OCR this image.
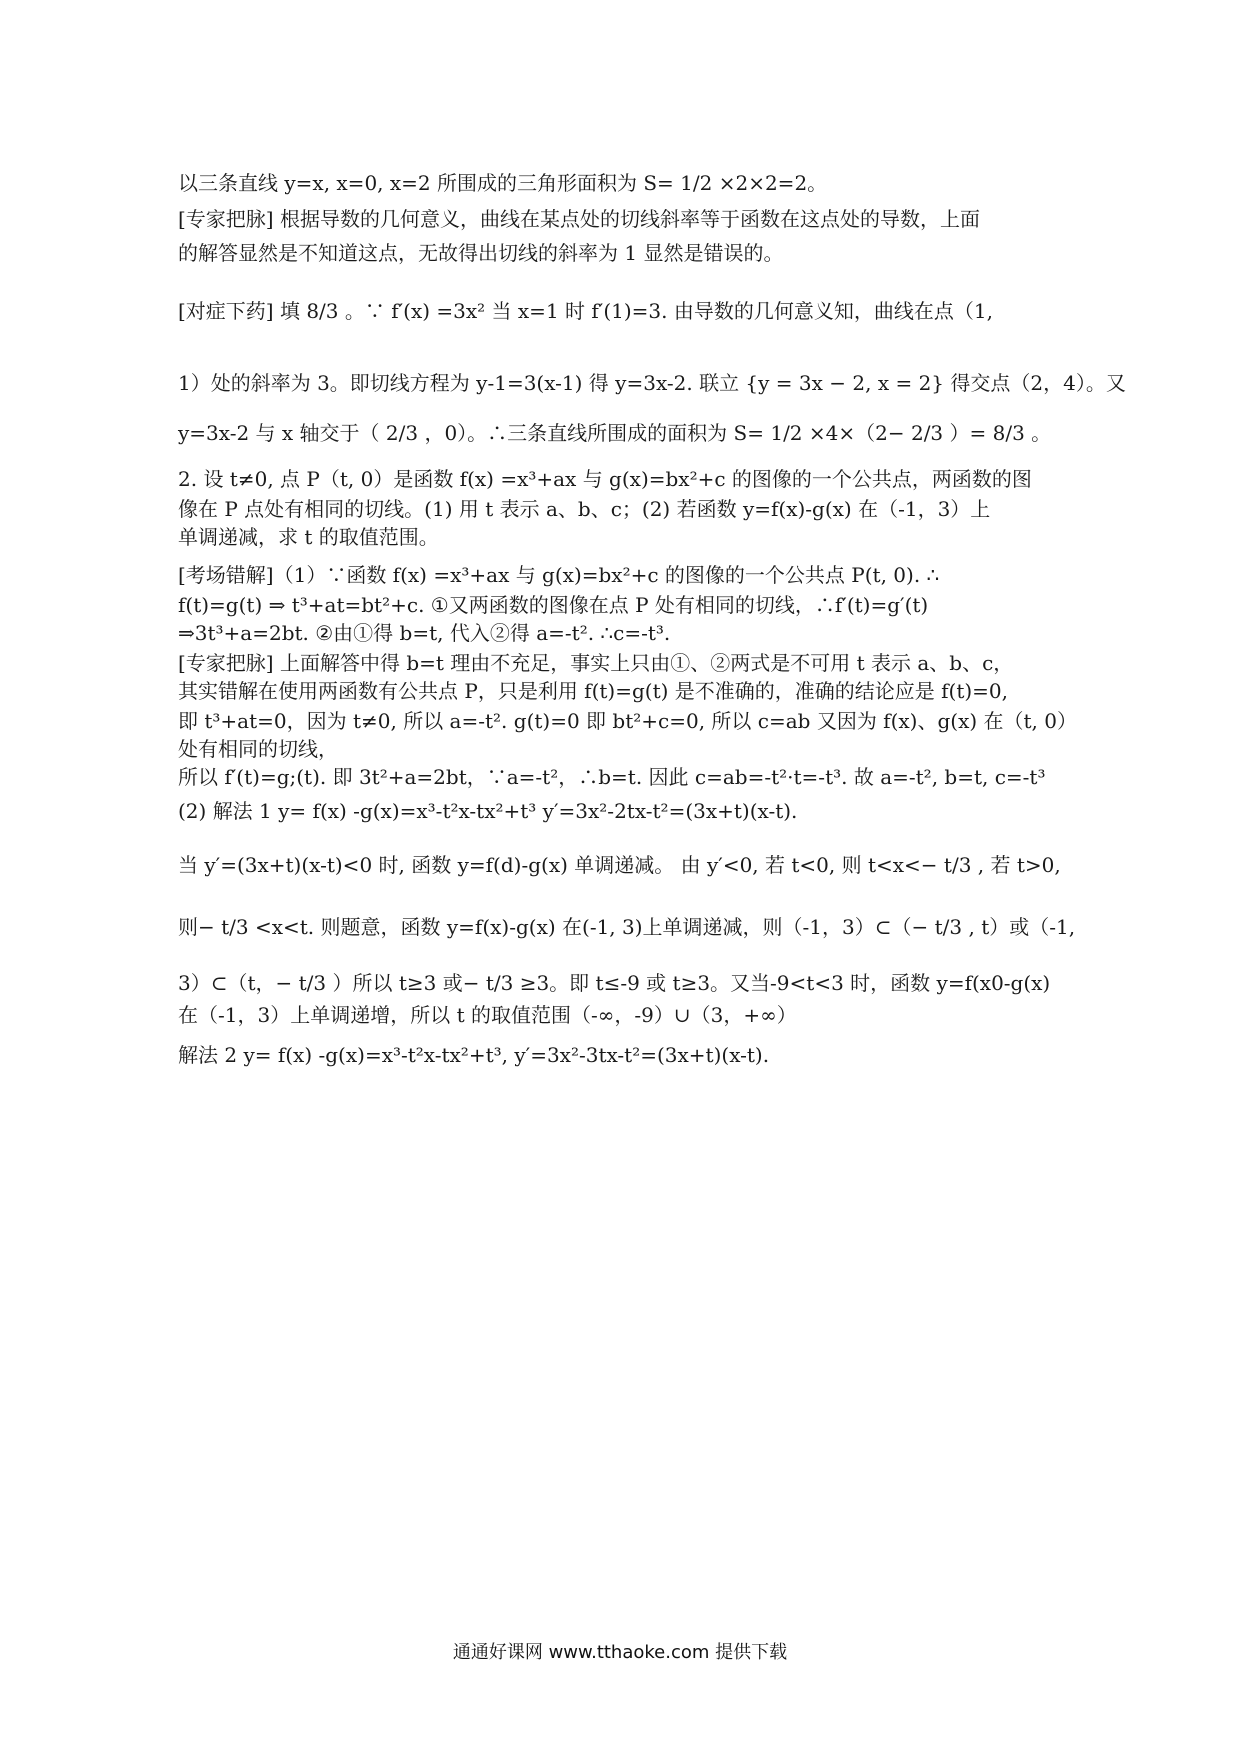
以三条直线 y=x, x=0, x=2 所围成的三角形面积为 S= 1/2 ×2×2=2。
[专家把脉] 根据导数的几何意义，曲线在某点处的切线斜率等于函数在这点处的导数，上面
的解答显然是不知道这点，无故得出切线的斜率为 1 显然是错误的。
[对症下药] 填 8/3 。∵ f′(x) =3x² 当 x=1 时 f′(1)=3. 由导数的几何意义知，曲线在点（1,
1）处的斜率为 3。即切线方程为 y-1=3(x-1) 得 y=3x-2. 联立 {y = 3x − 2, x = 2} 得交点（2，4）。又
y=3x-2 与 x 轴交于（ 2/3 ，0）。∴三条直线所围成的面积为 S= 1/2 ×4×（2− 2/3 ）= 8/3 。
2. 设 t≠0, 点 P（t, 0）是函数 f(x) =x³+ax 与 g(x)=bx²+c 的图像的一个公共点，两函数的图
像在 P 点处有相同的切线。(1) 用 t 表示 a、b、c；(2) 若函数 y=f(x)-g(x) 在（-1，3）上
单调递减，求 t 的取值范围。
[考场错解]（1）∵函数 f(x) =x³+ax 与 g(x)=bx²+c 的图像的一个公共点 P(t, 0). ∴
f(t)=g(t) ⇒ t³+at=bt²+c. ①又两函数的图像在点 P 处有相同的切线，∴f′(t)=g′(t)
⇒3t³+a=2bt. ②由①得 b=t, 代入②得 a=-t². ∴c=-t³.
[专家把脉] 上面解答中得 b=t 理由不充足，事实上只由①、②两式是不可用 t 表示 a、b、c，
其实错解在使用两函数有公共点 P，只是利用 f(t)=g(t) 是不准确的，准确的结论应是 f(t)=0,
即 t³+at=0，因为 t≠0, 所以 a=-t². g(t)=0 即 bt²+c=0, 所以 c=ab 又因为 f(x)、g(x) 在（t, 0）
处有相同的切线，
所以 f′(t)=g;(t). 即 3t²+a=2bt，∵a=-t²，∴b=t. 因此 c=ab=-t²·t=-t³. 故 a=-t², b=t, c=-t³
(2) 解法 1 y= f(x) -g(x)=x³-t²x-tx²+t³ y′=3x²-2tx-t²=(3x+t)(x-t).
当 y′=(3x+t)(x-t)<0 时, 函数 y=f(d)-g(x) 单调递减。 由 y′<0, 若 t<0, 则 t<x<− t/3 , 若 t>0,
则− t/3 <x<t. 则题意，函数 y=f(x)-g(x) 在(-1, 3)上单调递减，则（-1，3）⊂（− t/3 , t）或（-1,
3）⊂（t，− t/3 ）所以 t≥3 或− t/3 ≥3。即 t≤-9 或 t≥3。又当-9<t<3 时，函数 y=f(x0-g(x)
在（-1，3）上单调递增，所以 t 的取值范围（-∞，-9）∪（3，+∞）
解法 2 y= f(x) -g(x)=x³-t²x-tx²+t³, y′=3x²-3tx-t²=(3x+t)(x-t).
通通好课网 www.tthaoke.com 提供下载
